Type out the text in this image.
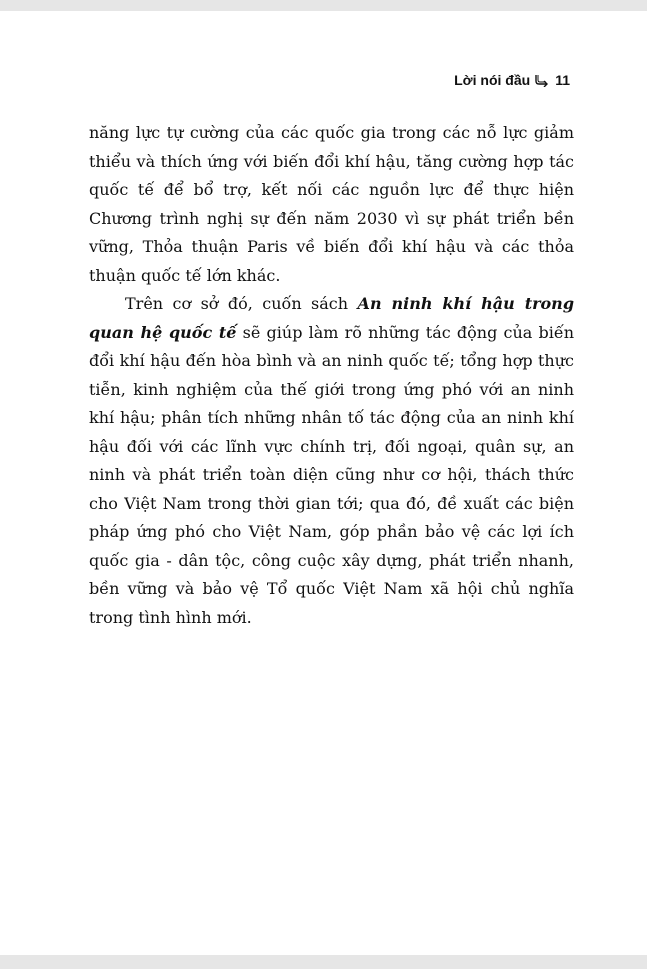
Lời nói đầu 11

năng lực tự cường của các quốc gia trong các nỗ lực giảm thiểu và thích ứng với biến đổi khí hậu, tăng cường hợp tác quốc tế để bổ trợ, kết nối các nguồn lực để thực hiện Chương trình nghị sự đến năm 2030 vì sự phát triển bền vững, Thỏa thuận Paris về biến đổi khí hậu và các thỏa thuận quốc tế lớn khác.

Trên cơ sở đó, cuốn sách An ninh khí hậu trong quan hệ quốc tế sẽ giúp làm rõ những tác động của biến đổi khí hậu đến hòa bình và an ninh quốc tế; tổng hợp thực tiễn, kinh nghiệm của thế giới trong ứng phó với an ninh khí hậu; phân tích những nhân tố tác động của an ninh khí hậu đối với các lĩnh vực chính trị, đối ngoại, quân sự, an ninh và phát triển toàn diện cũng như cơ hội, thách thức cho Việt Nam trong thời gian tới; qua đó, đề xuất các biện pháp ứng phó cho Việt Nam, góp phần bảo vệ các lợi ích quốc gia - dân tộc, công cuộc xây dựng, phát triển nhanh, bền vững và bảo vệ Tổ quốc Việt Nam xã hội chủ nghĩa trong tình hình mới.
